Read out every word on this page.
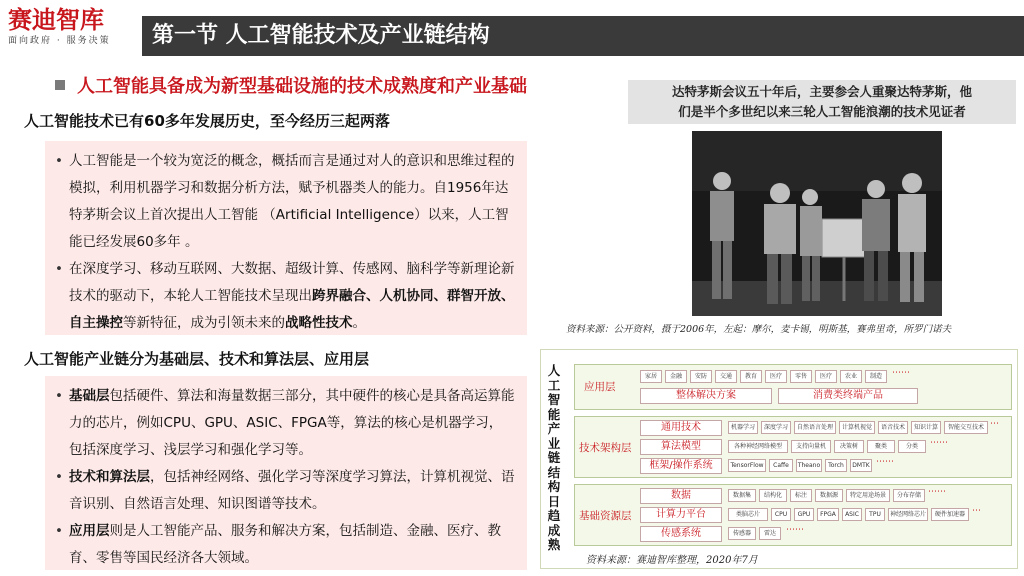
赛迪智库
面向政府 · 服务决策	第一节 人工智能技术及产业链结构
人工智能具备成为新型基础设施的技术成熟度和产业基础
人工智能技术已有60多年发展历史，至今经历三起两落
• 人工智能是一个较为宽泛的概念，概括而言是通过对人的意识和思维过程的模拟，利用机器学习和数据分析方法，赋予机器类人的能力。自1956年达特茅斯会议上首次提出人工智能 （Artificial Intelligence）以来，人工智能已经发展60多年 。
• 在深度学习、移动互联网、大数据、超级计算、传感网、脑科学等新理论新技术的驱动下，本轮人工智能技术呈现出跨界融合、人机协同、群智开放、自主操控等新特征，成为引领未来的战略性技术。
人工智能产业链分为基础层、技术和算法层、应用层
• 基础层包括硬件、算法和海量数据三部分，其中硬件的核心是具备高运算能力的芯片，例如CPU、GPU、ASIC、FPGA等，算法的核心是机器学习，包括深度学习、浅层学习和强化学习等。
• 技术和算法层，包括神经网络、强化学习等深度学习算法，计算机视觉、语音识别、自然语言处理、知识图谱等技术。
• 应用层则是人工智能产品、服务和解决方案，包括制造、金融、医疗、教育、零售等国民经济各大领域。
达特茅斯会议五十年后，主要参会人重聚达特茅斯，他
们是半个多世纪以来三轮人工智能浪潮的技术见证者
资料来源：公开资料，摄于2006年，左起：摩尔，麦卡锡，明斯基，赛弗里奇，所罗门诺夫
人
工
智
能
产
业
链
结
构
日
趋
成
熟
应用层
家居	金融	安防	交通	教育	医疗	零售	医疗	农业	制造	⋯⋯
整体解决方案	消费类终端产品
技术架构层
通用技术	机器学习	深度学习	自然语言处理	计算机视觉	语音技术	知识计算	智能交互技术 ⋯
算法模型	各种神经网络模型	支持向量机	决策树	聚类	分类	⋯⋯
框架/操作系统	TensorFlow	Caffe	Theano	Torch	DMTK ⋯⋯
基础资源层
数据	数据集	结构化	标注	数据源	特定用途场景	分布存储 ⋯⋯
计算力平台	类脑芯片	CPU	GPU	FPGA	ASIC	TPU	神经网络芯片	硬件加速器 ⋯
传感系统	传感器	雷达	⋯⋯
资料来源：赛迪智库整理，2020年7月
